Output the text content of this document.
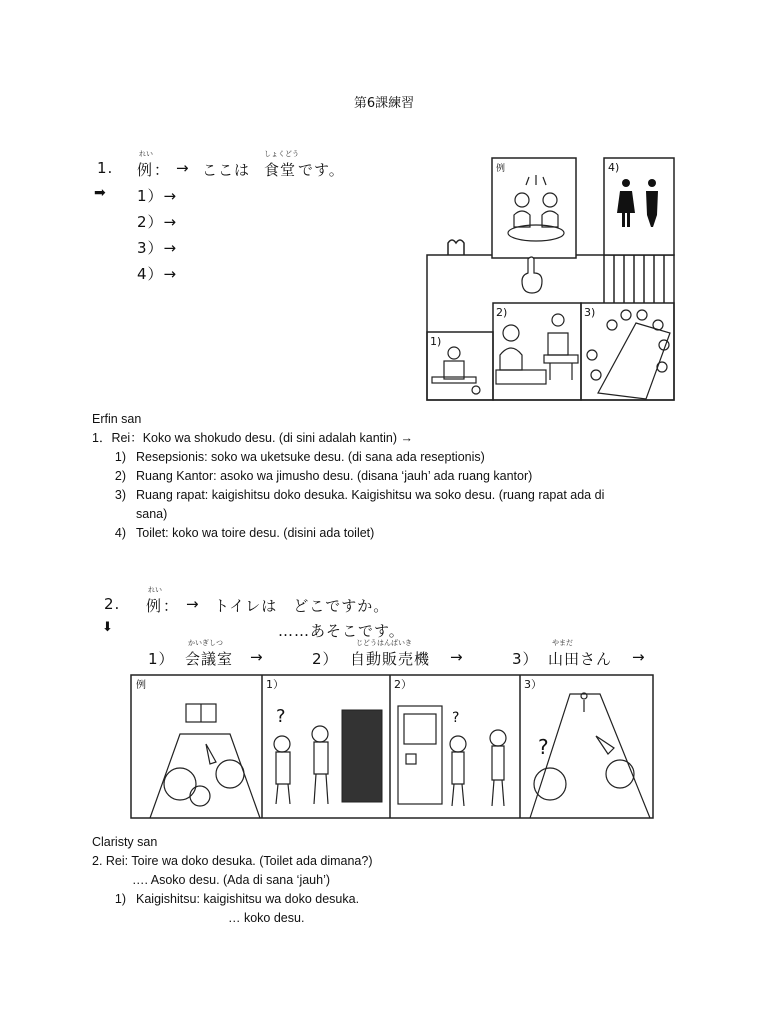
第6課練習
1.
れい
例 ： → ここは
しょくどう
食堂 です。
➡ 1）→
2）→
3）→
4）→
例	4)
1)
2)	3)
Erfin san
1．Rei：Koko wa shokudo desu. (di sini adalah kantin) →
1) Resepsionis: soko wa uketsuke desu. (di sana ada reseptionis)
2) Ruang Kantor: asoko wa jimusho desu. (disana ‘jauh’ ada ruang kantor)
3) Ruang rapat: kaigishitsu doko desuka. Kaigishitsu wa soko desu. (ruang rapat ada di
sana)
4) Toilet: koko wa toire desu. (disini ada toilet)
2.
れい
例 ： → トイレは　どこですか。
⬇	……あそこです。
1）
かいぎしつ
会議室 →	2）
じどうはんばいき
自動販売機 →	3）
やまだ
山田さん →
例
?
1）
?
2）
?
3）
Claristy san
2. Rei: Toire wa doko desuka. (Toilet ada dimana?)
…. Asoko desu. (Ada di sana ‘jauh’)
1) Kaigishitsu: kaigishitsu wa doko desuka.
… koko desu.
